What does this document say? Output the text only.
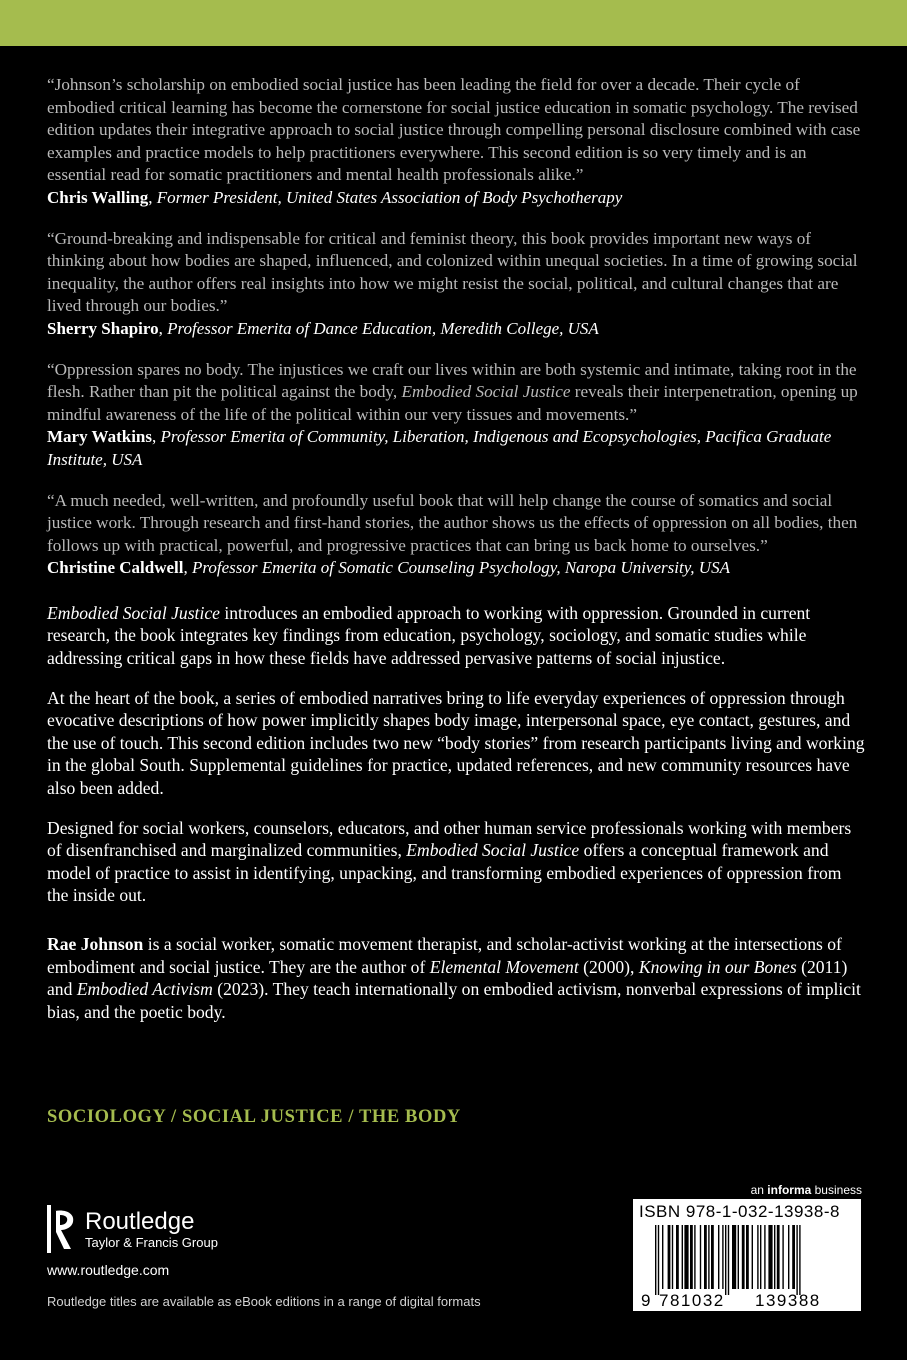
“Johnson’s scholarship on embodied social justice has been leading the field for over a decade. Their cycle of embodied critical learning has become the cornerstone for social justice education in somatic psychology. The revised edition updates their integrative approach to social justice through compelling personal disclosure combined with case examples and practice models to help practitioners everywhere. This second edition is so very timely and is an essential read for somatic practitioners and mental health professionals alike.”

Chris Walling, Former President, United States Association of Body Psychotherapy

“Ground-breaking and indispensable for critical and feminist theory, this book provides important new ways of thinking about how bodies are shaped, influenced, and colonized within unequal societies. In a time of growing social inequality, the author offers real insights into how we might resist the social, political, and cultural changes that are lived through our bodies.”

Sherry Shapiro, Professor Emerita of Dance Education, Meredith College, USA

“Oppression spares no body. The injustices we craft our lives within are both systemic and intimate, taking root in the flesh. Rather than pit the political against the body, Embodied Social Justice reveals their interpenetration, opening up mindful awareness of the life of the political within our very tissues and movements.”

Mary Watkins, Professor Emerita of Community, Liberation, Indigenous and Ecopsychologies, Pacifica Graduate Institute, USA

“A much needed, well-written, and profoundly useful book that will help change the course of somatics and social justice work. Through research and first-hand stories, the author shows us the effects of oppression on all bodies, then follows up with practical, powerful, and progressive practices that can bring us back home to ourselves.”

Christine Caldwell, Professor Emerita of Somatic Counseling Psychology, Naropa University, USA

Embodied Social Justice introduces an embodied approach to working with oppression. Grounded in current research, the book integrates key findings from education, psychology, sociology, and somatic studies while addressing critical gaps in how these fields have addressed pervasive patterns of social injustice.

At the heart of the book, a series of embodied narratives bring to life everyday experiences of oppression through evocative descriptions of how power implicitly shapes body image, interpersonal space, eye contact, gestures, and the use of touch. This second edition includes two new “body stories” from research participants living and working in the global South. Supplemental guidelines for practice, updated references, and new community resources have also been added.

Designed for social workers, counselors, educators, and other human service professionals working with members of disenfranchised and marginalized communities, Embodied Social Justice offers a conceptual framework and model of practice to assist in identifying, unpacking, and transforming embodied experiences of oppression from the inside out.

Rae Johnson is a social worker, somatic movement therapist, and scholar-activist working at the intersections of embodiment and social justice. They are the author of Elemental Movement (2000), Knowing in our Bones (2011) and Embodied Activism (2023). They teach internationally on embodied activism, nonverbal expressions of implicit bias, and the poetic body.

SOCIOLOGY / SOCIAL JUSTICE / THE BODY
Routledge
Taylor & Francis Group
www.routledge.com
Routledge titles are available as eBook editions in a range of digital formats
an informa business
ISBN 978-1-032-13938-8
9 781032 139388
